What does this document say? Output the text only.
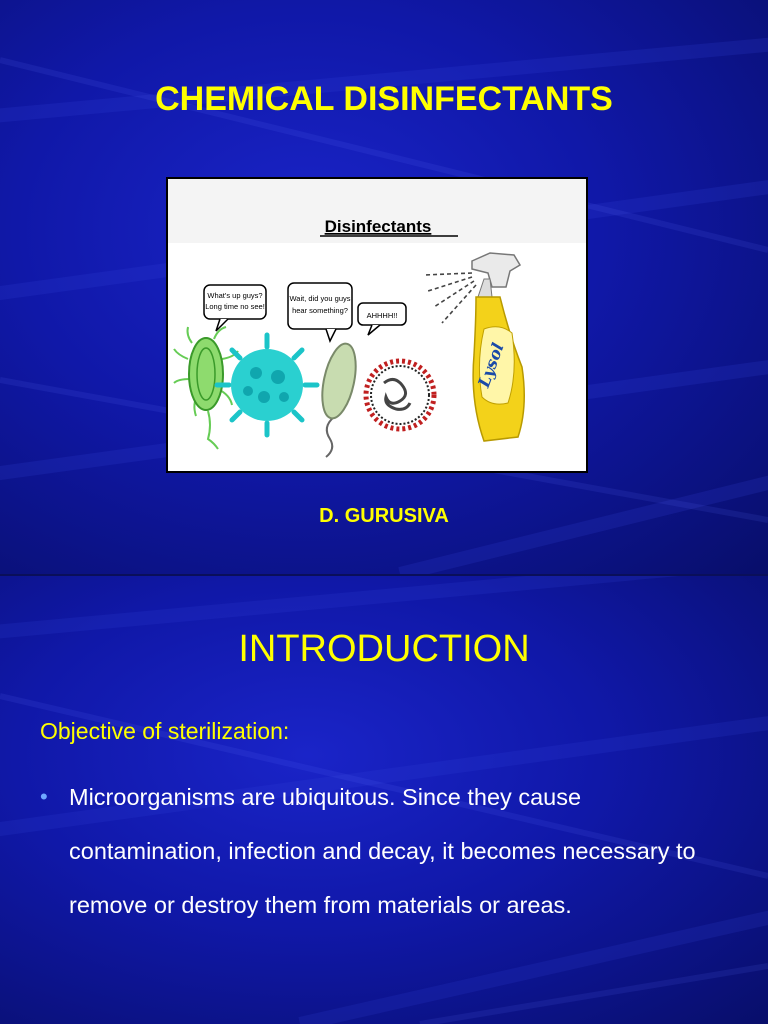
CHEMICAL DISINFECTANTS
Disinfectants
What's up guys?
Long time no see!
Wait, did you guys
hear something?
AHHHH!!
Lysol

D. GURUSIVA

INTRODUCTION

Objective of sterilization:

• Microorganisms are ubiquitous. Since they cause contamination, infection and decay, it becomes necessary to remove or destroy them from materials or areas.
